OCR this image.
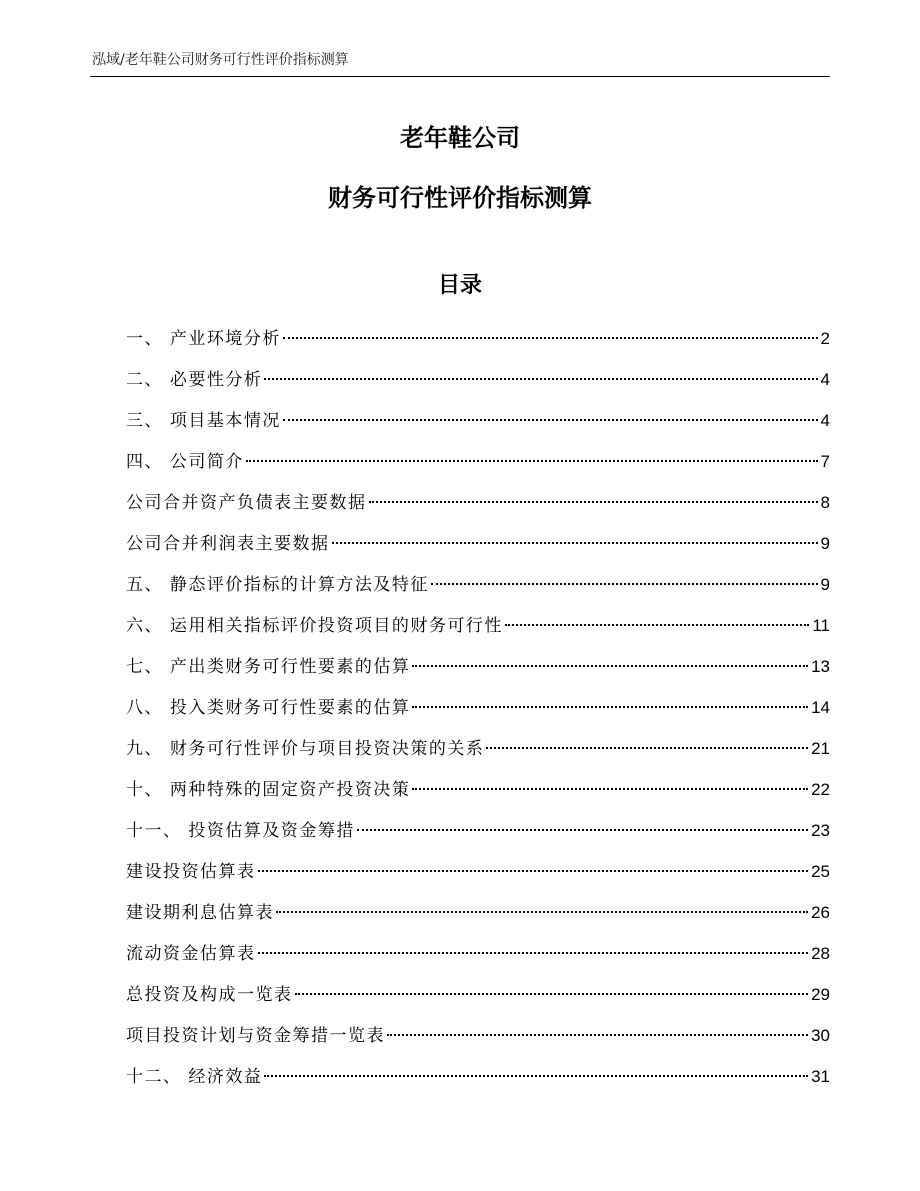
泓域/老年鞋公司财务可行性评价指标测算
老年鞋公司
财务可行性评价指标测算
目录
一、 产业环境分析	2
二、 必要性分析	4
三、 项目基本情况	4
四、 公司简介	7
公司合并资产负债表主要数据	8
公司合并利润表主要数据	9
五、 静态评价指标的计算方法及特征	9
六、 运用相关指标评价投资项目的财务可行性	11
七、 产出类财务可行性要素的估算	13
八、 投入类财务可行性要素的估算	14
九、 财务可行性评价与项目投资决策的关系	21
十、 两种特殊的固定资产投资决策	22
十一、 投资估算及资金筹措	23
建设投资估算表	25
建设期利息估算表	26
流动资金估算表	28
总投资及构成一览表	29
项目投资计划与资金筹措一览表	30
十二、 经济效益	31
